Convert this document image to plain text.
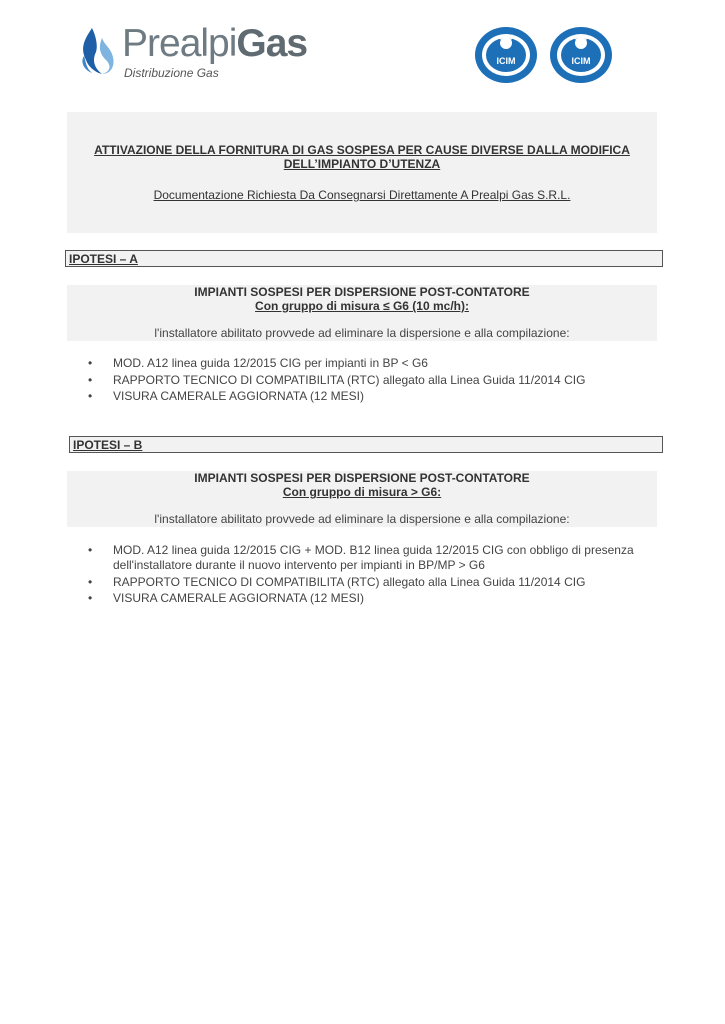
PrealpiGas
Distribuzione Gas
ICIM	ICIM
ATTIVAZIONE DELLA FORNITURA DI GAS SOSPESA PER CAUSE DIVERSE DALLA MODIFICA DELL’IMPIANTO D’UTENZA
Documentazione Richiesta Da Consegnarsi Direttamente A Prealpi Gas S.R.L.
IPOTESI – A
IMPIANTI SOSPESI PER DISPERSIONE POST-CONTATORE
Con gruppo di misura ≤ G6 (10 mc/h):
l'installatore abilitato provvede ad eliminare la dispersione e alla compilazione:
• MOD. A12 linea guida 12/2015 CIG per impianti in BP < G6
• RAPPORTO TECNICO DI COMPATIBILITA (RTC) allegato alla Linea Guida 11/2014 CIG
• VISURA CAMERALE AGGIORNATA (12 MESI)
IPOTESI – B
IMPIANTI SOSPESI PER DISPERSIONE POST-CONTATORE
Con gruppo di misura > G6:
l'installatore abilitato provvede ad eliminare la dispersione e alla compilazione:
• MOD. A12 linea guida 12/2015 CIG + MOD. B12 linea guida 12/2015 CIG con obbligo di presenza dell'installatore durante il nuovo intervento per impianti in BP/MP > G6
• RAPPORTO TECNICO DI COMPATIBILITA (RTC) allegato alla Linea Guida 11/2014 CIG
• VISURA CAMERALE AGGIORNATA (12 MESI)
